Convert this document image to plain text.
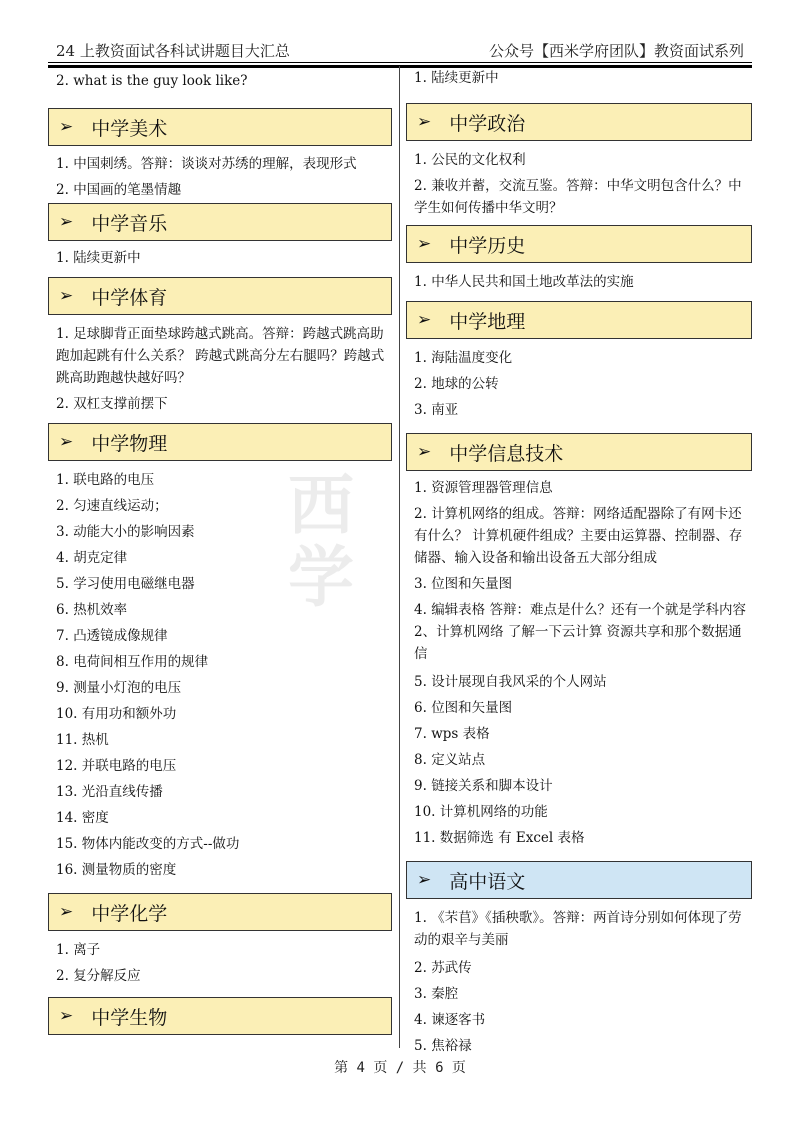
24 上教资面试各科试讲题目大汇总	公众号【西米学府团队】教资面试系列
西
学

2. what is the guy look like?

➢ 中学美术

1. 中国刺绣。答辩：谈谈对苏绣的理解，表现形式

2. 中国画的笔墨情趣

➢ 中学音乐

1. 陆续更新中

➢ 中学体育

1. 足球脚背正面垫球跨越式跳高。答辩：跨越式跳高助跑加起跳有什么关系？ 跨越式跳高分左右腿吗？跨越式跳高助跑越快越好吗？

2. 双杠支撑前摆下

➢ 中学物理

1. 联电路的电压

2. 匀速直线运动；

3. 动能大小的影响因素

4. 胡克定律

5. 学习使用电磁继电器

6. 热机效率

7. 凸透镜成像规律

8. 电荷间相互作用的规律

9. 测量小灯泡的电压

10. 有用功和额外功

11. 热机

12. 并联电路的电压

13. 光沿直线传播

14. 密度

15. 物体内能改变的方式--做功

16. 测量物质的密度

➢ 中学化学

1. 离子

2. 复分解反应

➢ 中学生物

1. 陆续更新中

➢ 中学政治

1. 公民的文化权利

2. 兼收并蓄，交流互鉴。答辩：中华文明包含什么？中学生如何传播中华文明？

➢ 中学历史

1. 中华人民共和国土地改革法的实施

➢ 中学地理

1. 海陆温度变化

2. 地球的公转

3. 南亚

➢ 中学信息技术

1. 资源管理器管理信息

2. 计算机网络的组成。答辩：网络适配器除了有网卡还有什么？ 计算机硬件组成？主要由运算器、控制器、存储器、输入设备和输出设备五大部分组成

3. 位图和矢量图

4. 编辑表格 答辩：难点是什么？还有一个就是学科内容 2、计算机网络 了解一下云计算 资源共享和那个数据通信

5. 设计展现自我风采的个人网站

6. 位图和矢量图

7. wps 表格

8. 定义站点

9. 链接关系和脚本设计

10. 计算机网络的功能

11. 数据筛选 有 Excel 表格

➢ 高中语文

1. 《芣苢》《插秧歌》。答辩：两首诗分别如何体现了劳动的艰辛与美丽

2. 苏武传

3. 秦腔

4. 谏逐客书

5. 焦裕禄

第 4 页 / 共 6 页
